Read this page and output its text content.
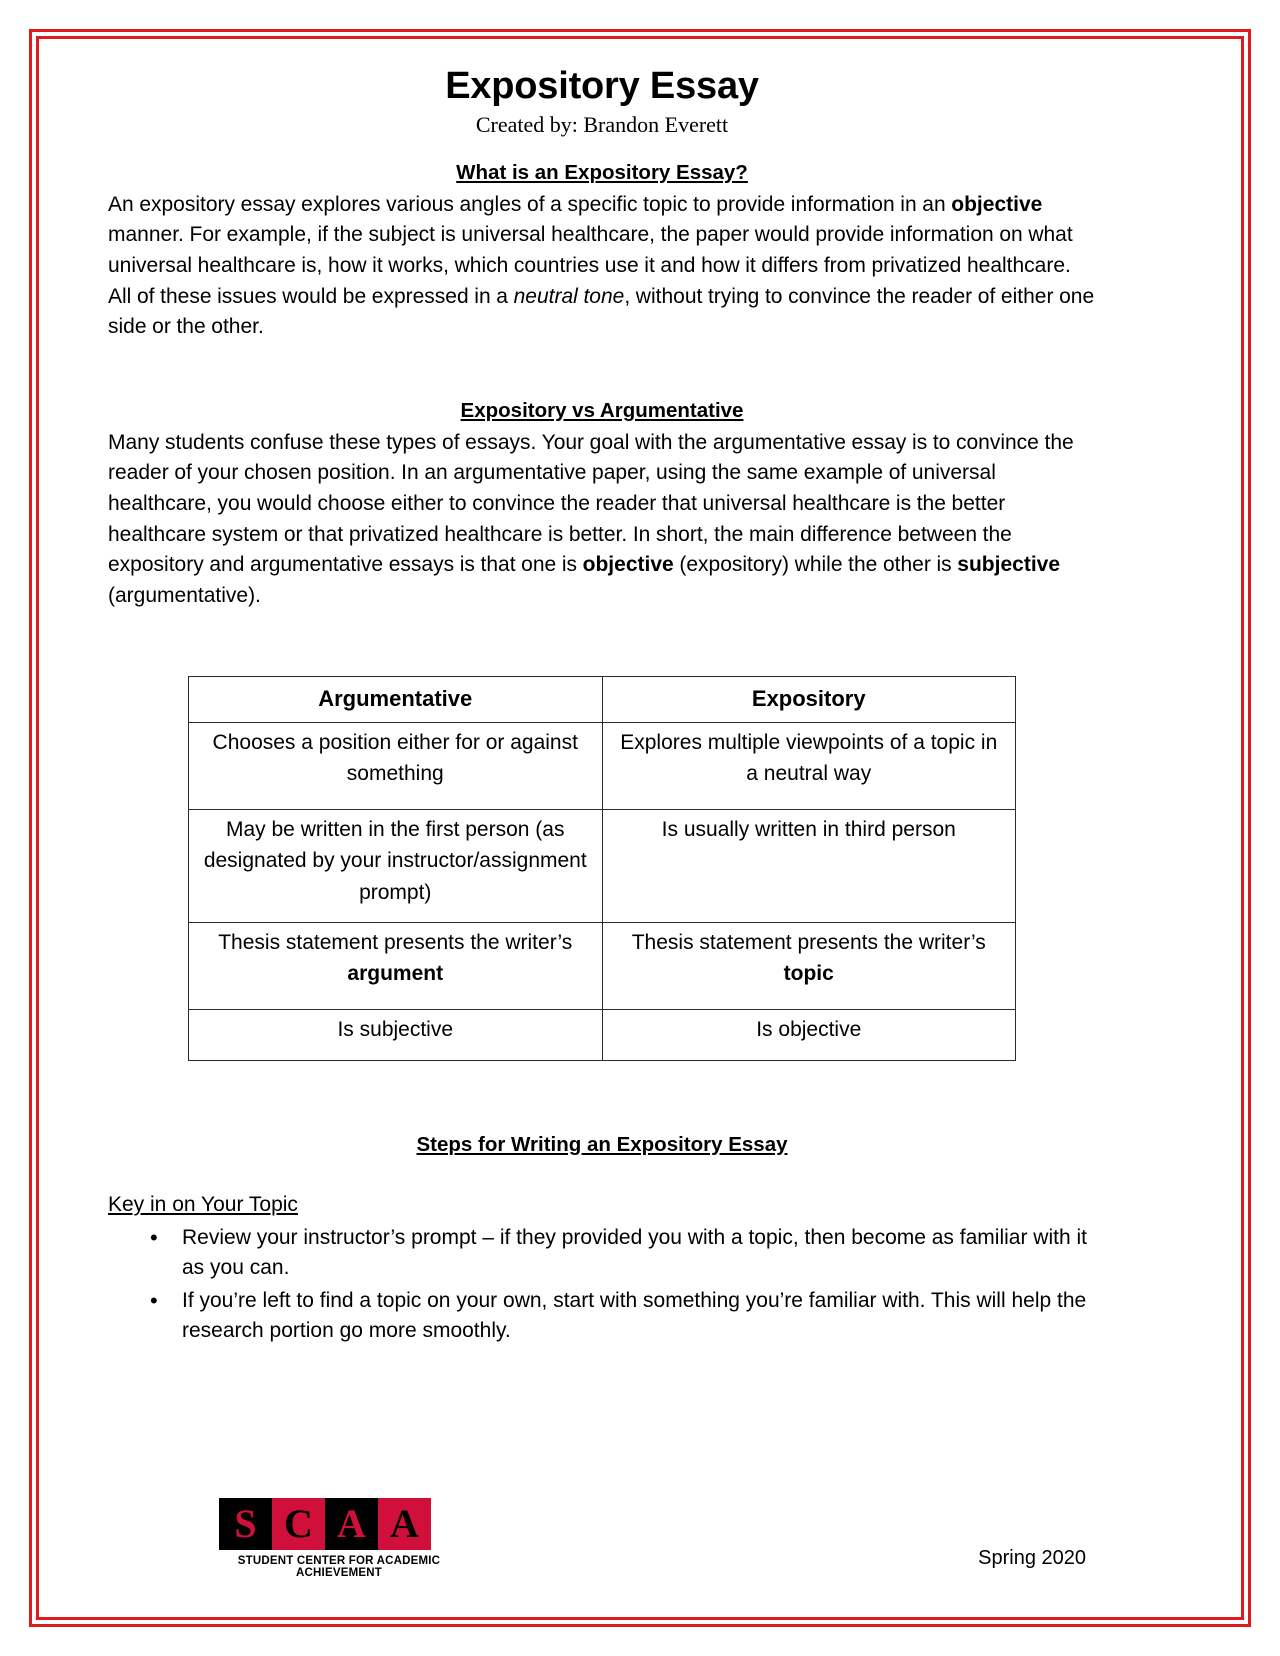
Expository Essay
Created by: Brandon Everett
What is an Expository Essay?

An expository essay explores various angles of a specific topic to provide information in an objective manner. For example, if the subject is universal healthcare, the paper would provide information on what universal healthcare is, how it works, which countries use it and how it differs from privatized healthcare. All of these issues would be expressed in a neutral tone, without trying to convince the reader of either one side or the other.

Expository vs Argumentative

Many students confuse these types of essays. Your goal with the argumentative essay is to convince the reader of your chosen position. In an argumentative paper, using the same example of universal healthcare, you would choose either to convince the reader that universal healthcare is the better healthcare system or that privatized healthcare is better. In short, the main difference between the expository and argumentative essays is that one is objective (expository) while the other is subjective (argumentative).

Argumentative	Expository
Chooses a position either for or against something	Explores multiple viewpoints of a topic in a neutral way
May be written in the first person (as designated by your instructor/assignment prompt)	Is usually written in third person
Thesis statement presents the writer’s argument	Thesis statement presents the writer’s topic
Is subjective	Is objective
Steps for Writing an Expository Essay
Key in on Your Topic
• Review your instructor’s prompt – if they provided you with a topic, then become as familiar with it as you can.
• If you’re left to find a topic on your own, start with something you’re familiar with. This will help the research portion go more smoothly.
S C A A
STUDENT CENTER FOR ACADEMIC ACHIEVEMENT
Spring 2020
